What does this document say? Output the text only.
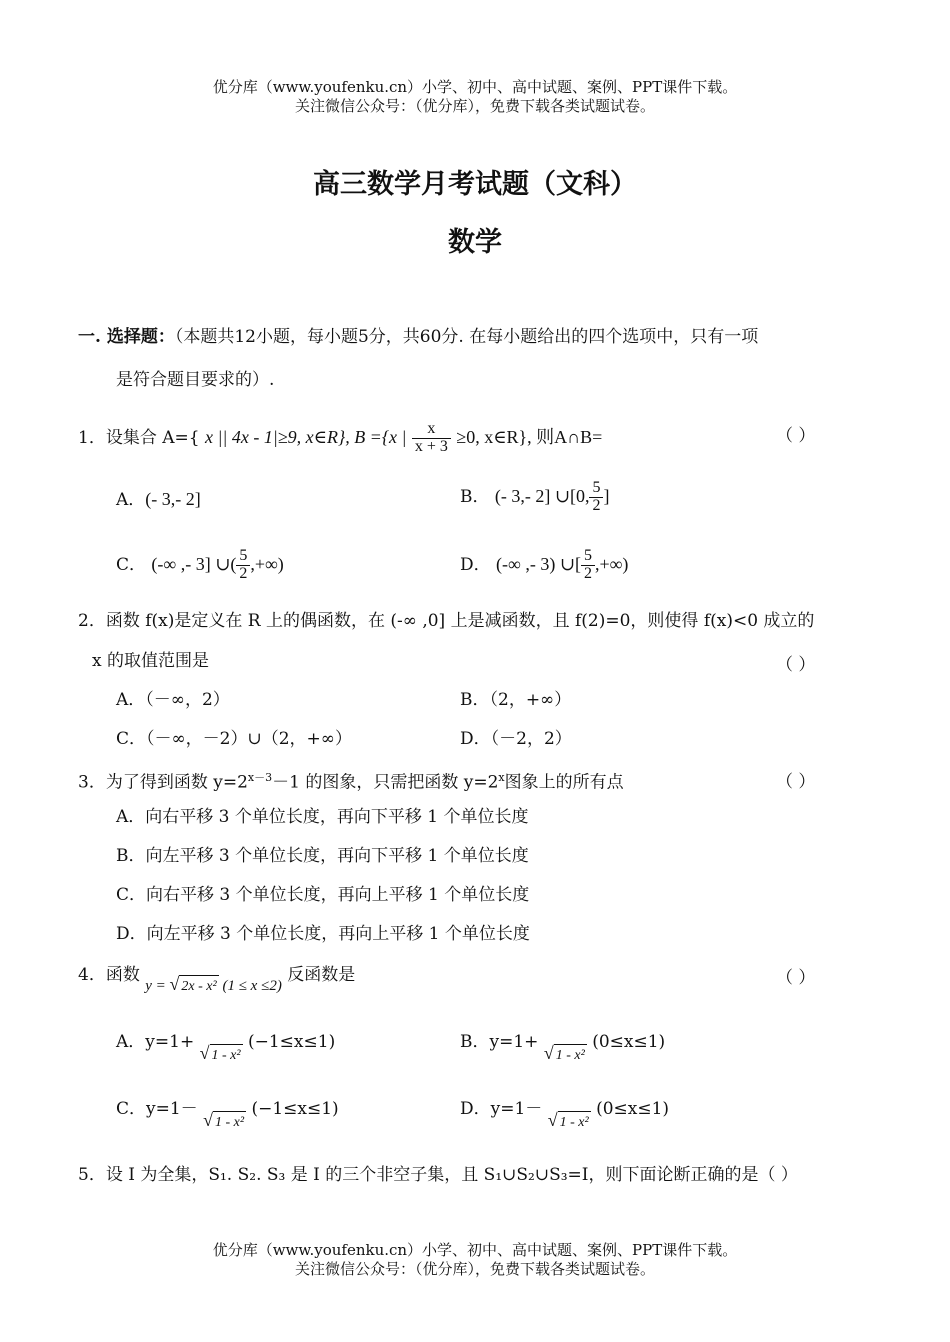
优分库（www.youfenku.cn）小学、初中、高中试题、案例、PPT课件下载。
关注微信公众号：（优分库），免费下载各类试题试卷。
高三数学月考试题（文科）
数学
一. 选择题：（本题共12小题，每小题5分，共60分. 在每小题给出的四个选项中，只有一项
是符合题目要求的）.
1．设集合 A={ x || 4x - 1|≥9, x∈R}, B ={x | $\frac{x}{x + 3} \ge 0$, x∈R}, 则A∩B=	（ ）
A．(- 3,- 2]	B． (- 3,- 2] ∪[0, $\frac{5}{2}$ ]
C． (-∞ ,- 3] ∪( $\frac{5}{2}$ ,+∞)	D． (-∞ ,- 3) ∪[ $\frac{5}{2}$ ,+∞)
2．函数 f(x)是定义在 R 上的偶函数，在 (-∞ ,0] 上是减函数，且 f(2)=0，则使得 f(x)<0 成立的
x 的取值范围是	（ ）
A．（－∞，2）	B．（2，+∞）
C．（－∞，－2）∪（2，+∞）	D．（－2，2）
3．为了得到函数 $y=2^{x-3}-1$ 的图象，只需把函数 $y=2^x$图象上的所有点	（ ）
A．向右平移 3 个单位长度，再向下平移 1 个单位长度
B．向左平移 3 个单位长度，再向下平移 1 个单位长度
C．向右平移 3 个单位长度，再向上平移 1 个单位长度
D．向左平移 3 个单位长度，再向上平移 1 个单位长度
4．函数 y = √ 2x - x² (1 ≤ x ≤2) 反函数是	（ ）
A．y=1+ √ 1 - x² (−1≤x≤1)	B．y=1+ √ 1 - x² (0≤x≤1)
C．y=1－ √ 1 - x² (−1≤x≤1)	D．y=1－ √ 1 - x² (0≤x≤1)
5．设 I 为全集，S₁. S₂. S₃ 是 I 的三个非空子集，且 S₁∪S₂∪S₃=I，则下面论断正确的是（ ）
优分库（www.youfenku.cn）小学、初中、高中试题、案例、PPT课件下载。
关注微信公众号：（优分库），免费下载各类试题试卷。
